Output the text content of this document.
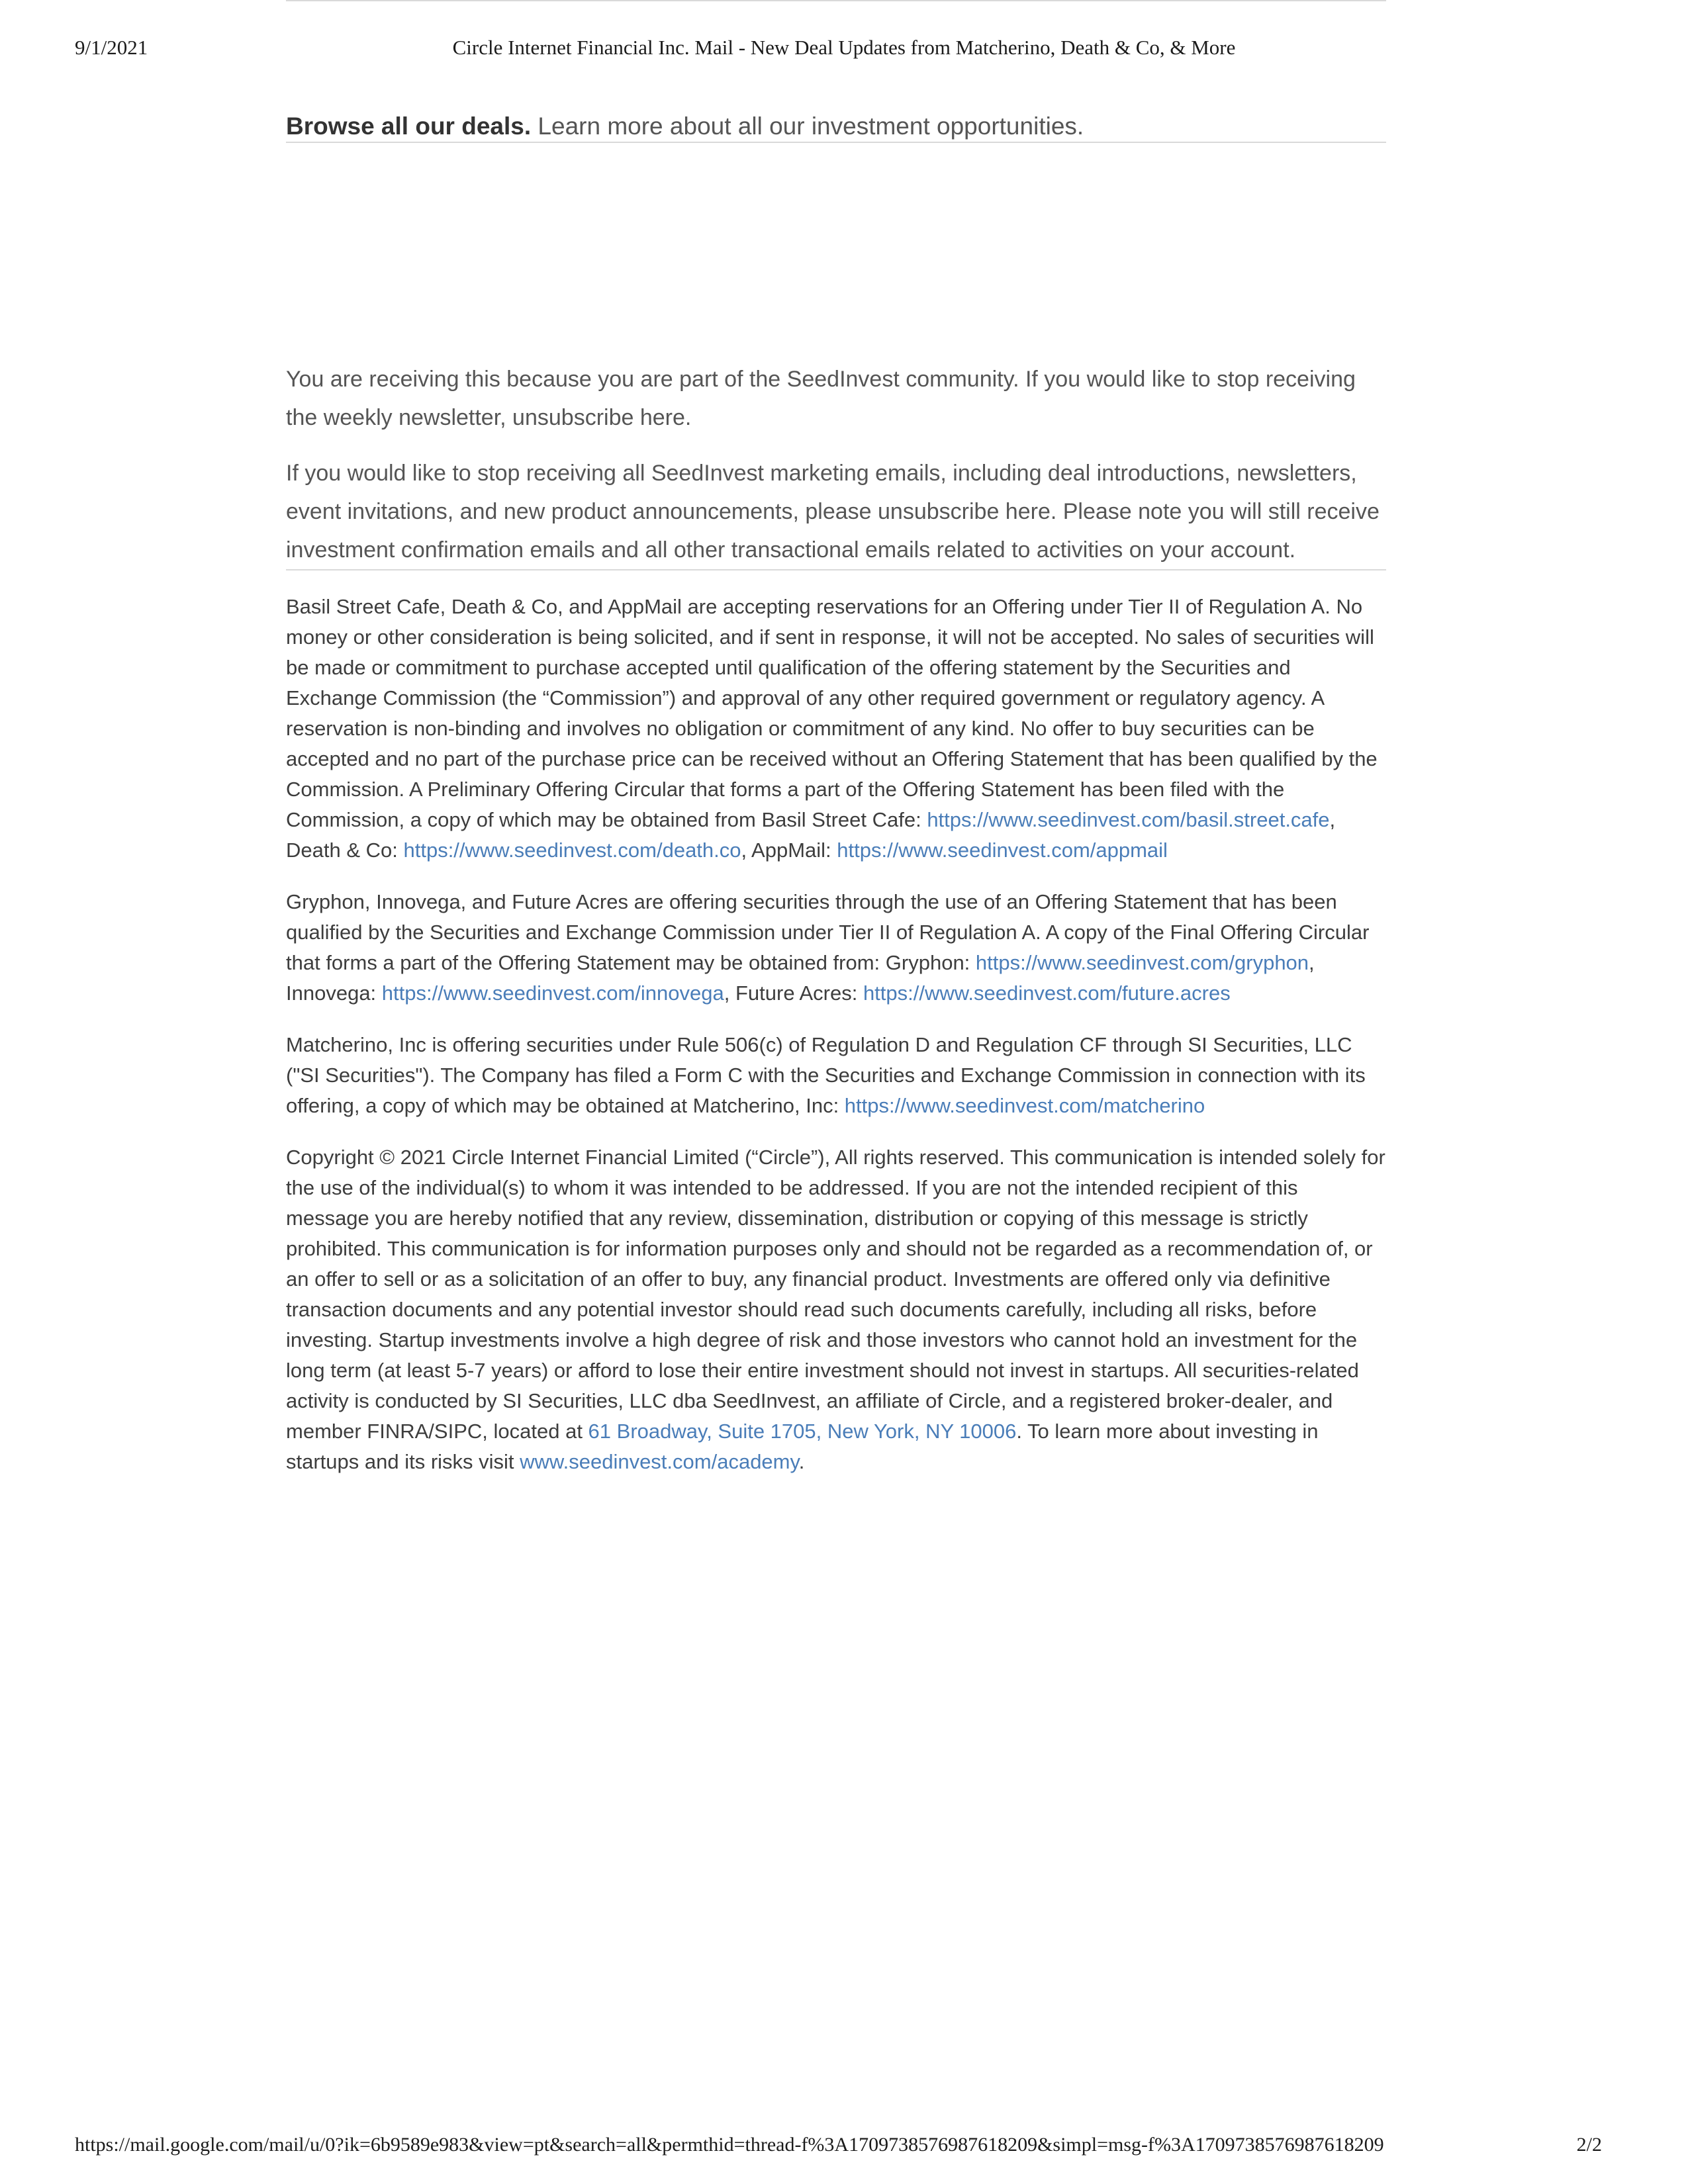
9/1/2021	Circle Internet Financial Inc. Mail - New Deal Updates from Matcherino, Death & Co, & More

Browse all our deals. Learn more about all our investment opportunities.

You are receiving this because you are part of the SeedInvest community. If you would like to stop receiving the weekly newsletter, unsubscribe here.

If you would like to stop receiving all SeedInvest marketing emails, including deal introductions, newsletters, event invitations, and new product announcements, please unsubscribe here. Please note you will still receive investment confirmation emails and all other transactional emails related to activities on your account.

Basil Street Cafe, Death & Co, and AppMail are accepting reservations for an Offering under Tier II of Regulation A. No money or other consideration is being solicited, and if sent in response, it will not be accepted. No sales of securities will be made or commitment to purchase accepted until qualification of the offering statement by the Securities and Exchange Commission (the “Commission”) and approval of any other required government or regulatory agency. A reservation is non-binding and involves no obligation or commitment of any kind. No offer to buy securities can be accepted and no part of the purchase price can be received without an Offering Statement that has been qualified by the Commission. A Preliminary Offering Circular that forms a part of the Offering Statement has been filed with the Commission, a copy of which may be obtained from Basil Street Cafe: https://www.seedinvest.com/basil.street.cafe, Death & Co: https://www.seedinvest.com/death.co, AppMail: https://www.seedinvest.com/appmail

Gryphon, Innovega, and Future Acres are offering securities through the use of an Offering Statement that has been qualified by the Securities and Exchange Commission under Tier II of Regulation A. A copy of the Final Offering Circular that forms a part of the Offering Statement may be obtained from: Gryphon: https://www.seedinvest.com/gryphon, Innovega: https://www.seedinvest.com/innovega, Future Acres: https://www.seedinvest.com/future.acres

Matcherino, Inc is offering securities under Rule 506(c) of Regulation D and Regulation CF through SI Securities, LLC ("SI Securities"). The Company has filed a Form C with the Securities and Exchange Commission in connection with its offering, a copy of which may be obtained at Matcherino, Inc: https://www.seedinvest.com/matcherino

Copyright © 2021 Circle Internet Financial Limited (“Circle”), All rights reserved. This communication is intended solely for the use of the individual(s) to whom it was intended to be addressed. If you are not the intended recipient of this message you are hereby notified that any review, dissemination, distribution or copying of this message is strictly prohibited. This communication is for information purposes only and should not be regarded as a recommendation of, or an offer to sell or as a solicitation of an offer to buy, any financial product. Investments are offered only via definitive transaction documents and any potential investor should read such documents carefully, including all risks, before investing. Startup investments involve a high degree of risk and those investors who cannot hold an investment for the long term (at least 5-7 years) or afford to lose their entire investment should not invest in startups. All securities-related activity is conducted by SI Securities, LLC dba SeedInvest, an affiliate of Circle, and a registered broker-dealer, and member FINRA/SIPC, located at 61 Broadway, Suite 1705, New York, NY 10006. To learn more about investing in startups and its risks visit www.seedinvest.com/academy.

https://mail.google.com/mail/u/0?ik=6b9589e983&view=pt&search=all&permthid=thread-f%3A1709738576987618209&simpl=msg-f%3A1709738576987618209	2/2
